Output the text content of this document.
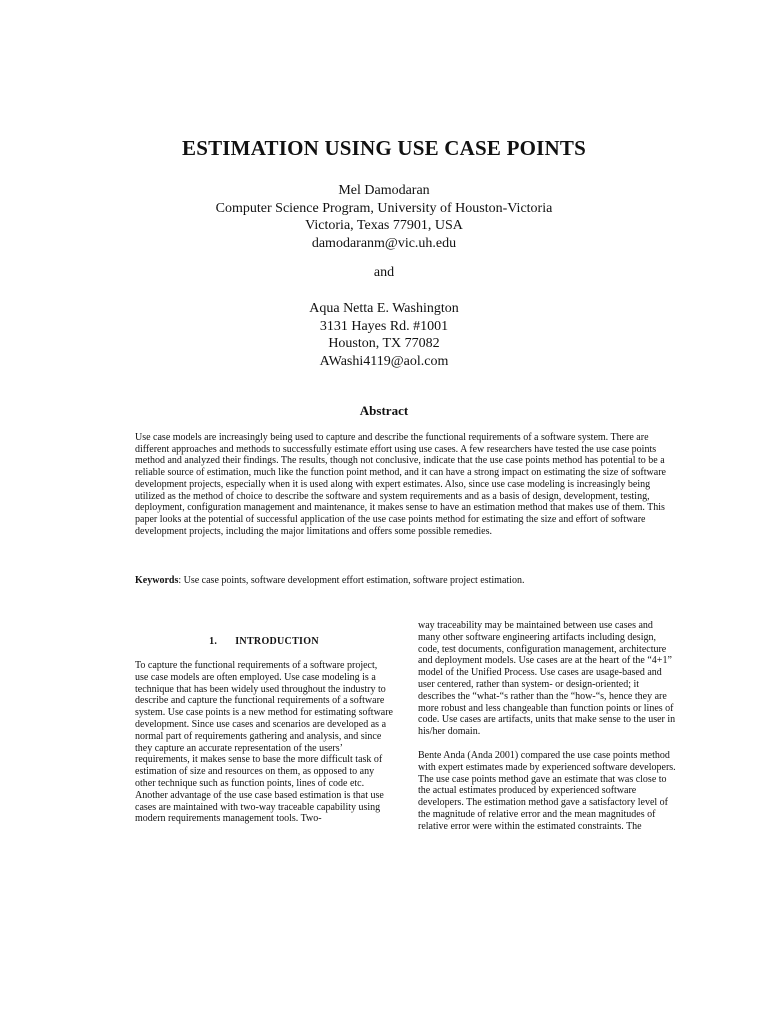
ESTIMATION USING USE CASE POINTS
Mel Damodaran
Computer Science Program, University of Houston-Victoria
Victoria, Texas 77901, USA
damodaranm@vic.uh.edu
and
Aqua Netta E. Washington
3131 Hayes Rd. #1001
Houston, TX 77082
AWashi4119@aol.com
Abstract
Use case models are increasingly being used to capture and describe the functional requirements of a software system. There are different approaches and methods to successfully estimate effort using use cases. A few researchers have tested the use case points method and analyzed their findings. The results, though not conclusive, indicate that the use case points method has potential to be a reliable source of estimation, much like the function point method, and it can have a strong impact on estimating the size of software development projects, especially when it is used along with expert estimates. Also, since use case modeling is increasingly being utilized as the method of choice to describe the software and system requirements and as a basis of design, development, testing, deployment, configuration management and maintenance, it makes sense to have an estimation method that makes use of them. This paper looks at the potential of successful application of the use case points method for estimating the size and effort of software development projects, including the major limitations and offers some possible remedies.
Keywords: Use case points, software development effort estimation, software project estimation.
1. INTRODUCTION

To capture the functional requirements of a software project, use case models are often employed. Use case modeling is a technique that has been widely used throughout the industry to describe and capture the functional requirements of a software system. Use case points is a new method for estimating software development. Since use cases and scenarios are developed as a normal part of requirements gathering and analysis, and since they capture an accurate representation of the users’ requirements, it makes sense to base the more difficult task of estimation of size and resources on them, as opposed to any other technique such as function points, lines of code etc. Another advantage of the use case based estimation is that use cases are maintained with two-way traceable capability using modern requirements management tools. Two-

way traceability may be maintained between use cases and many other software engineering artifacts including design, code, test documents, configuration management, architecture and deployment models. Use cases are at the heart of the “4+1” model of the Unified Process. Use cases are usage-based and user centered, rather than system- or design-oriented; it describes the “what-“s rather than the “how-“s, hence they are more robust and less changeable than function points or lines of code. Use cases are artifacts, units that make sense to the user in his/her domain.

Bente Anda (Anda 2001) compared the use case points method with expert estimates made by experienced software developers. The use case points method gave an estimate that was close to the actual estimates produced by experienced software developers. The estimation method gave a satisfactory level of the magnitude of relative error and the mean magnitudes of relative error were within the estimated constraints. The
